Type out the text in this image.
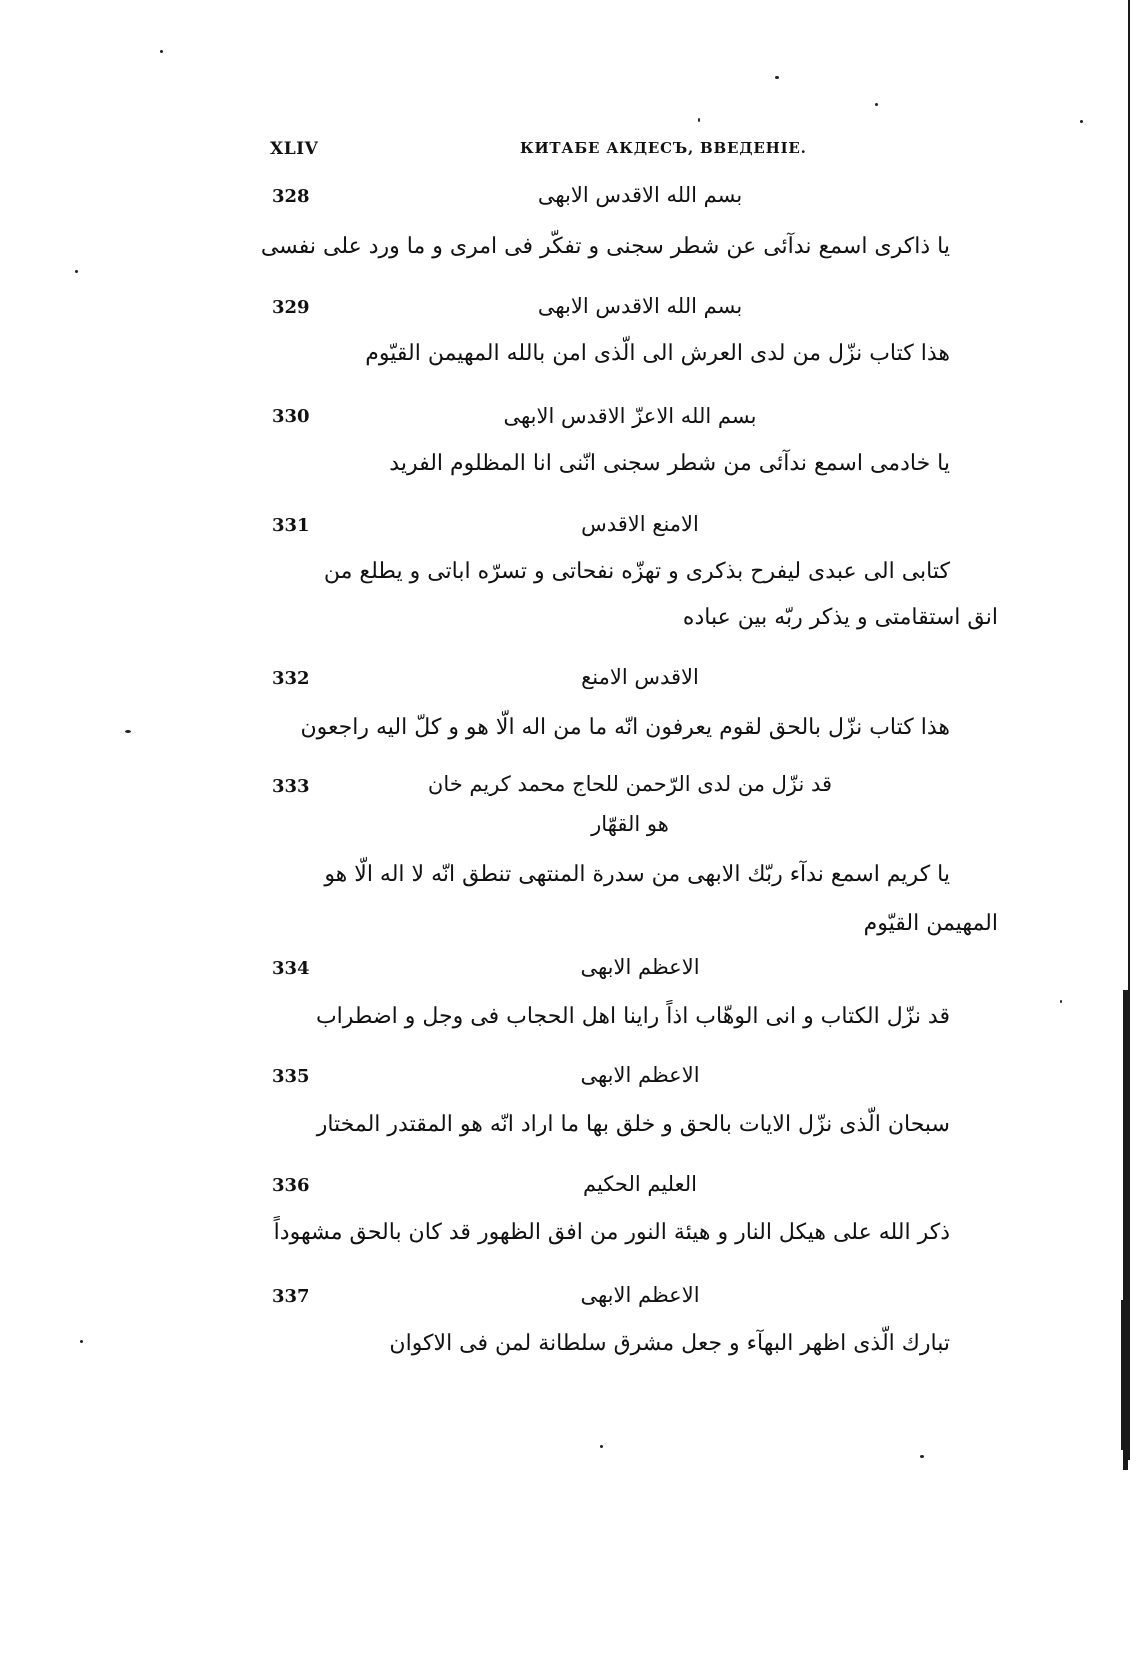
XLIV	КИТАБЕ АКДЕСЪ, ВВЕДЕНІЕ.
328	بسم الله الاقدس الابهی
یا ذاکری اسمع ندآئی عن شطر سجنی و تفکّر فی امری و ما ورد علی نفسی
329	بسم الله الاقدس الابهی
هذا کتاب نزّل من لدی العرش الی الّذی امن بالله المهیمن القیّوم
330	بسم الله الاعزّ الاقدس الابهی
یا خادمی اسمع ندآئی من شطر سجنی انّنی انا المظلوم الفرید
331	الامنع الاقدس
کتابی الی عبدی لیفرح بذکری و تهزّه نفحاتی و تسرّه اباتی و یطلع من
انق استقامتی و یذکر ربّه بین عباده
332	الاقدس الامنع
هذا کتاب نزّل بالحق لقوم یعرفون انّه ما من اله الّا هو و کلّ الیه راجعون
333	قد نزّل من لدی الرّحمن للحاج محمد کریم خان
هو القهّار
یا کریم اسمع ندآء ربّك الابهی من سدرة المنتهی تنطق انّه لا اله الّا هو
المهیمن القیّوم
334	الاعظم الابهی
قد نزّل الکتاب و انی الوهّاب اذاً راینا اهل الحجاب فی وجل و اضطراب
335	الاعظم الابهی
سبحان الّذی نزّل الایات بالحق و خلق بها ما اراد انّه هو المقتدر المختار
336	العلیم الحکیم
ذکر الله علی هیکل النار و هیئة النور من افق الظهور قد کان بالحق مشهوداً
337	الاعظم الابهی
تبارك الّذی اظهر البهآء و جعل مشرق سلطانة لمن فی الاکوان
